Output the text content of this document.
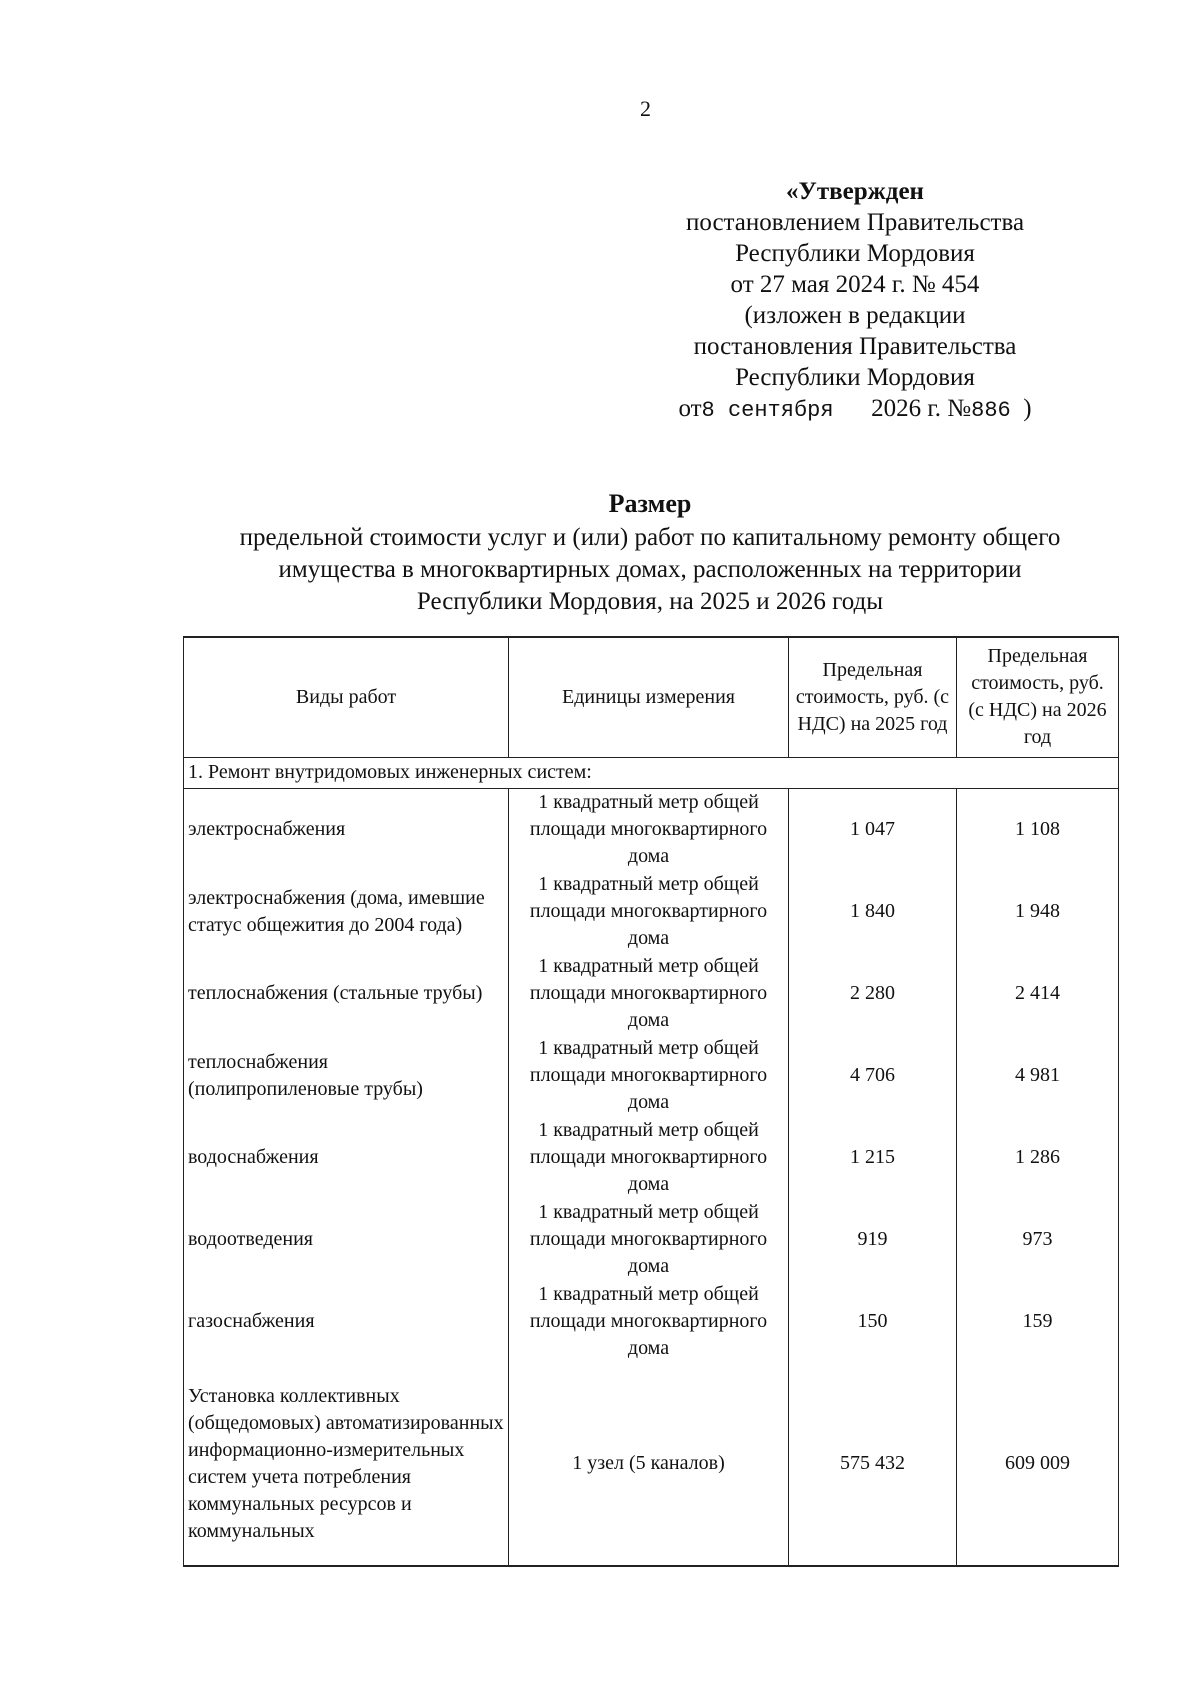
2
«Утвержден
постановлением Правительства
Республики Мордовия
от 27 мая 2024 г. № 454
(изложен в редакции
постановления Правительства
Республики Мордовия
от8 сентября 2026 г. №886 )
Размер
предельной стоимости услуг и (или) работ по капитальному ремонту общего
имущества в многоквартирных домах, расположенных на территории
Республики Мордовия, на 2025 и 2026 годы
Виды работ	Единицы измерения	Предельная стоимость, руб. (с НДС) на 2025 год	Предельная стоимость, руб. (с НДС) на 2026 год
1. Ремонт внутридомовых инженерных систем:			
электроснабжения	1 квадратный метр общей площади многоквартирного дома	1 047	1 108
электроснабжения (дома, имевшие статус общежития до 2004 года)	1 квадратный метр общей площади многоквартирного дома	1 840	1 948
теплоснабжения (стальные трубы)	1 квадратный метр общей площади многоквартирного дома	2 280	2 414
теплоснабжения (полипропиленовые трубы)	1 квадратный метр общей площади многоквартирного дома	4 706	4 981
водоснабжения	1 квадратный метр общей площади многоквартирного дома	1 215	1 286
водоотведения	1 квадратный метр общей площади многоквартирного дома	919	973
газоснабжения	1 квадратный метр общей площади многоквартирного дома	150	159
Установка коллективных (общедомовых) автоматизированных информационно-измерительных систем учета потребления коммунальных ресурсов и коммунальных	1 узел (5 каналов)	575 432	609 009
